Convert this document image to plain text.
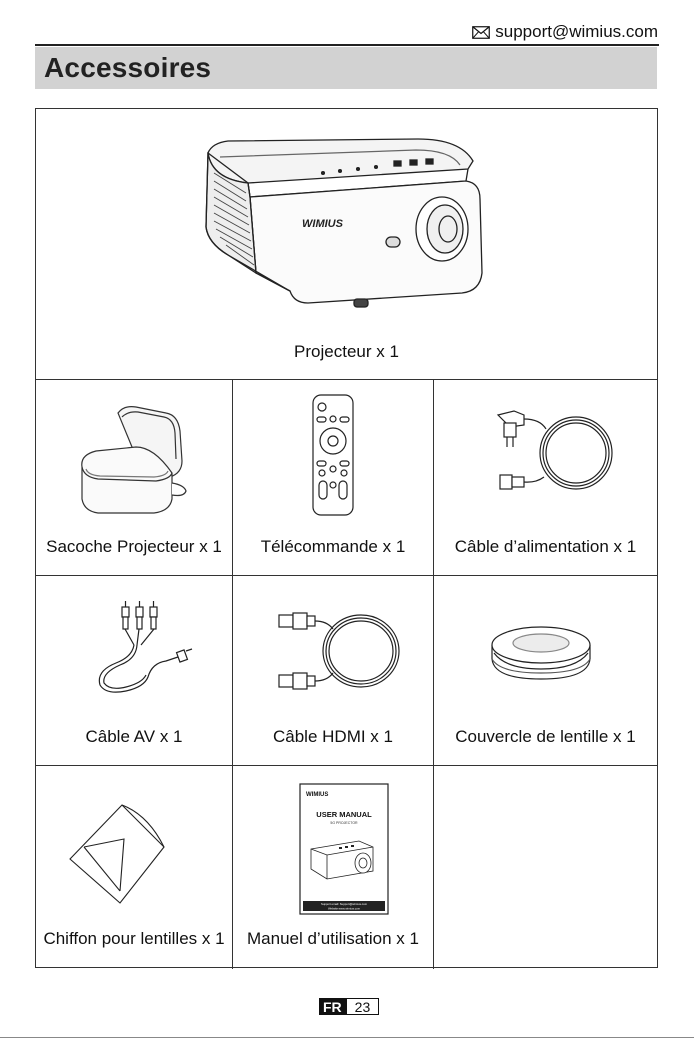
support@wimius.com
Accessoires
WIMIUS
Projecteur x 1
Sacoche Projecteur x 1	Télécommande x 1	Câble d’alimentation x 1
Câble AV x 1	Câble HDMI x 1	Couvercle de lentille x 1
Chiffon pour lentilles x 1
WIMIUS
USER MANUAL
5G PROJECTOR
Support email: Support@wimius.com
Website:www.wimius.com
Manuel d’utilisation x 1
FR 23
